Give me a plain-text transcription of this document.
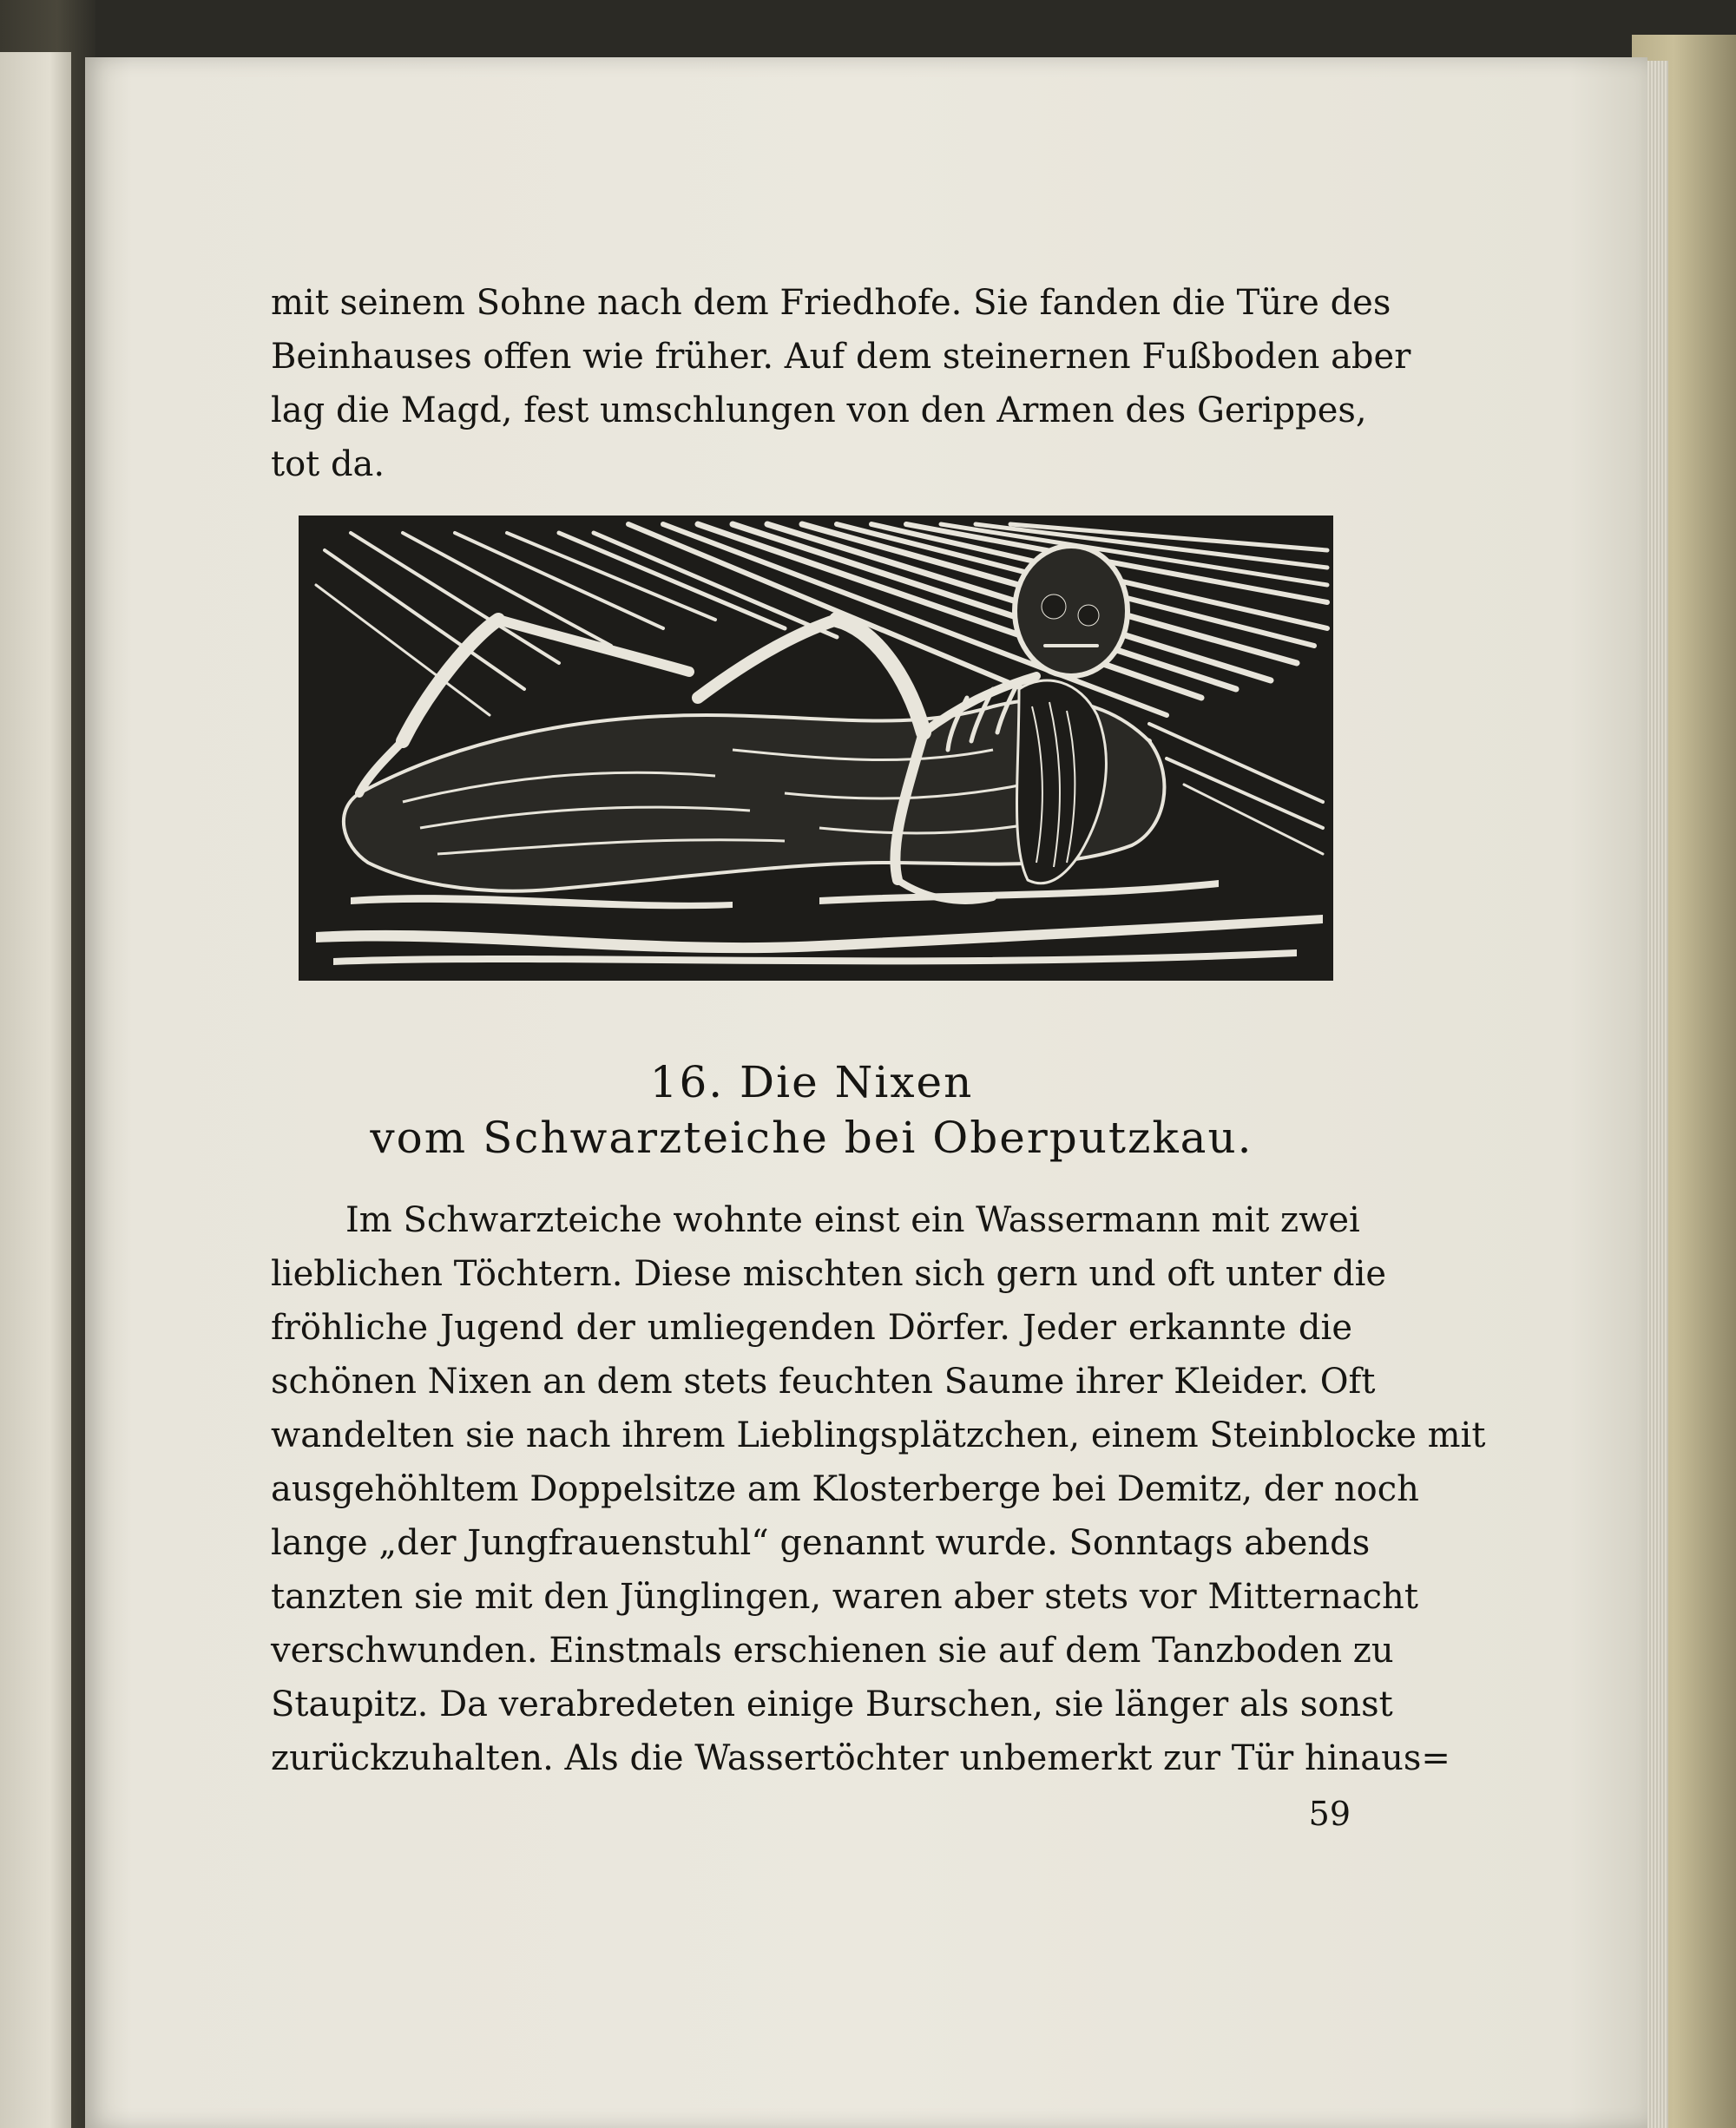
mit seinem Sohne nach dem Friedhofe. Sie fanden die Türe des
Beinhauses offen wie früher. Auf dem steinernen Fußboden aber
lag die Magd, fest umschlungen von den Armen des Gerippes,
tot da.
16. Die Nixen
vom Schwarzteiche bei Oberputzkau.
Im Schwarzteiche wohnte einst ein Wassermann mit zwei
lieblichen Töchtern. Diese mischten sich gern und oft unter die
fröhliche Jugend der umliegenden Dörfer. Jeder erkannte die
schönen Nixen an dem stets feuchten Saume ihrer Kleider. Oft
wandelten sie nach ihrem Lieblingsplätzchen, einem Steinblocke mit
ausgehöhltem Doppelsitze am Klosterberge bei Demitz, der noch
lange „der Jungfrauenstuhl“ genannt wurde. Sonntags abends
tanzten sie mit den Jünglingen, waren aber stets vor Mitternacht
verschwunden. Einstmals erschienen sie auf dem Tanzboden zu
Staupitz. Da verabredeten einige Burschen, sie länger als sonst
zurückzuhalten. Als die Wassertöchter unbemerkt zur Tür hinaus=
59
